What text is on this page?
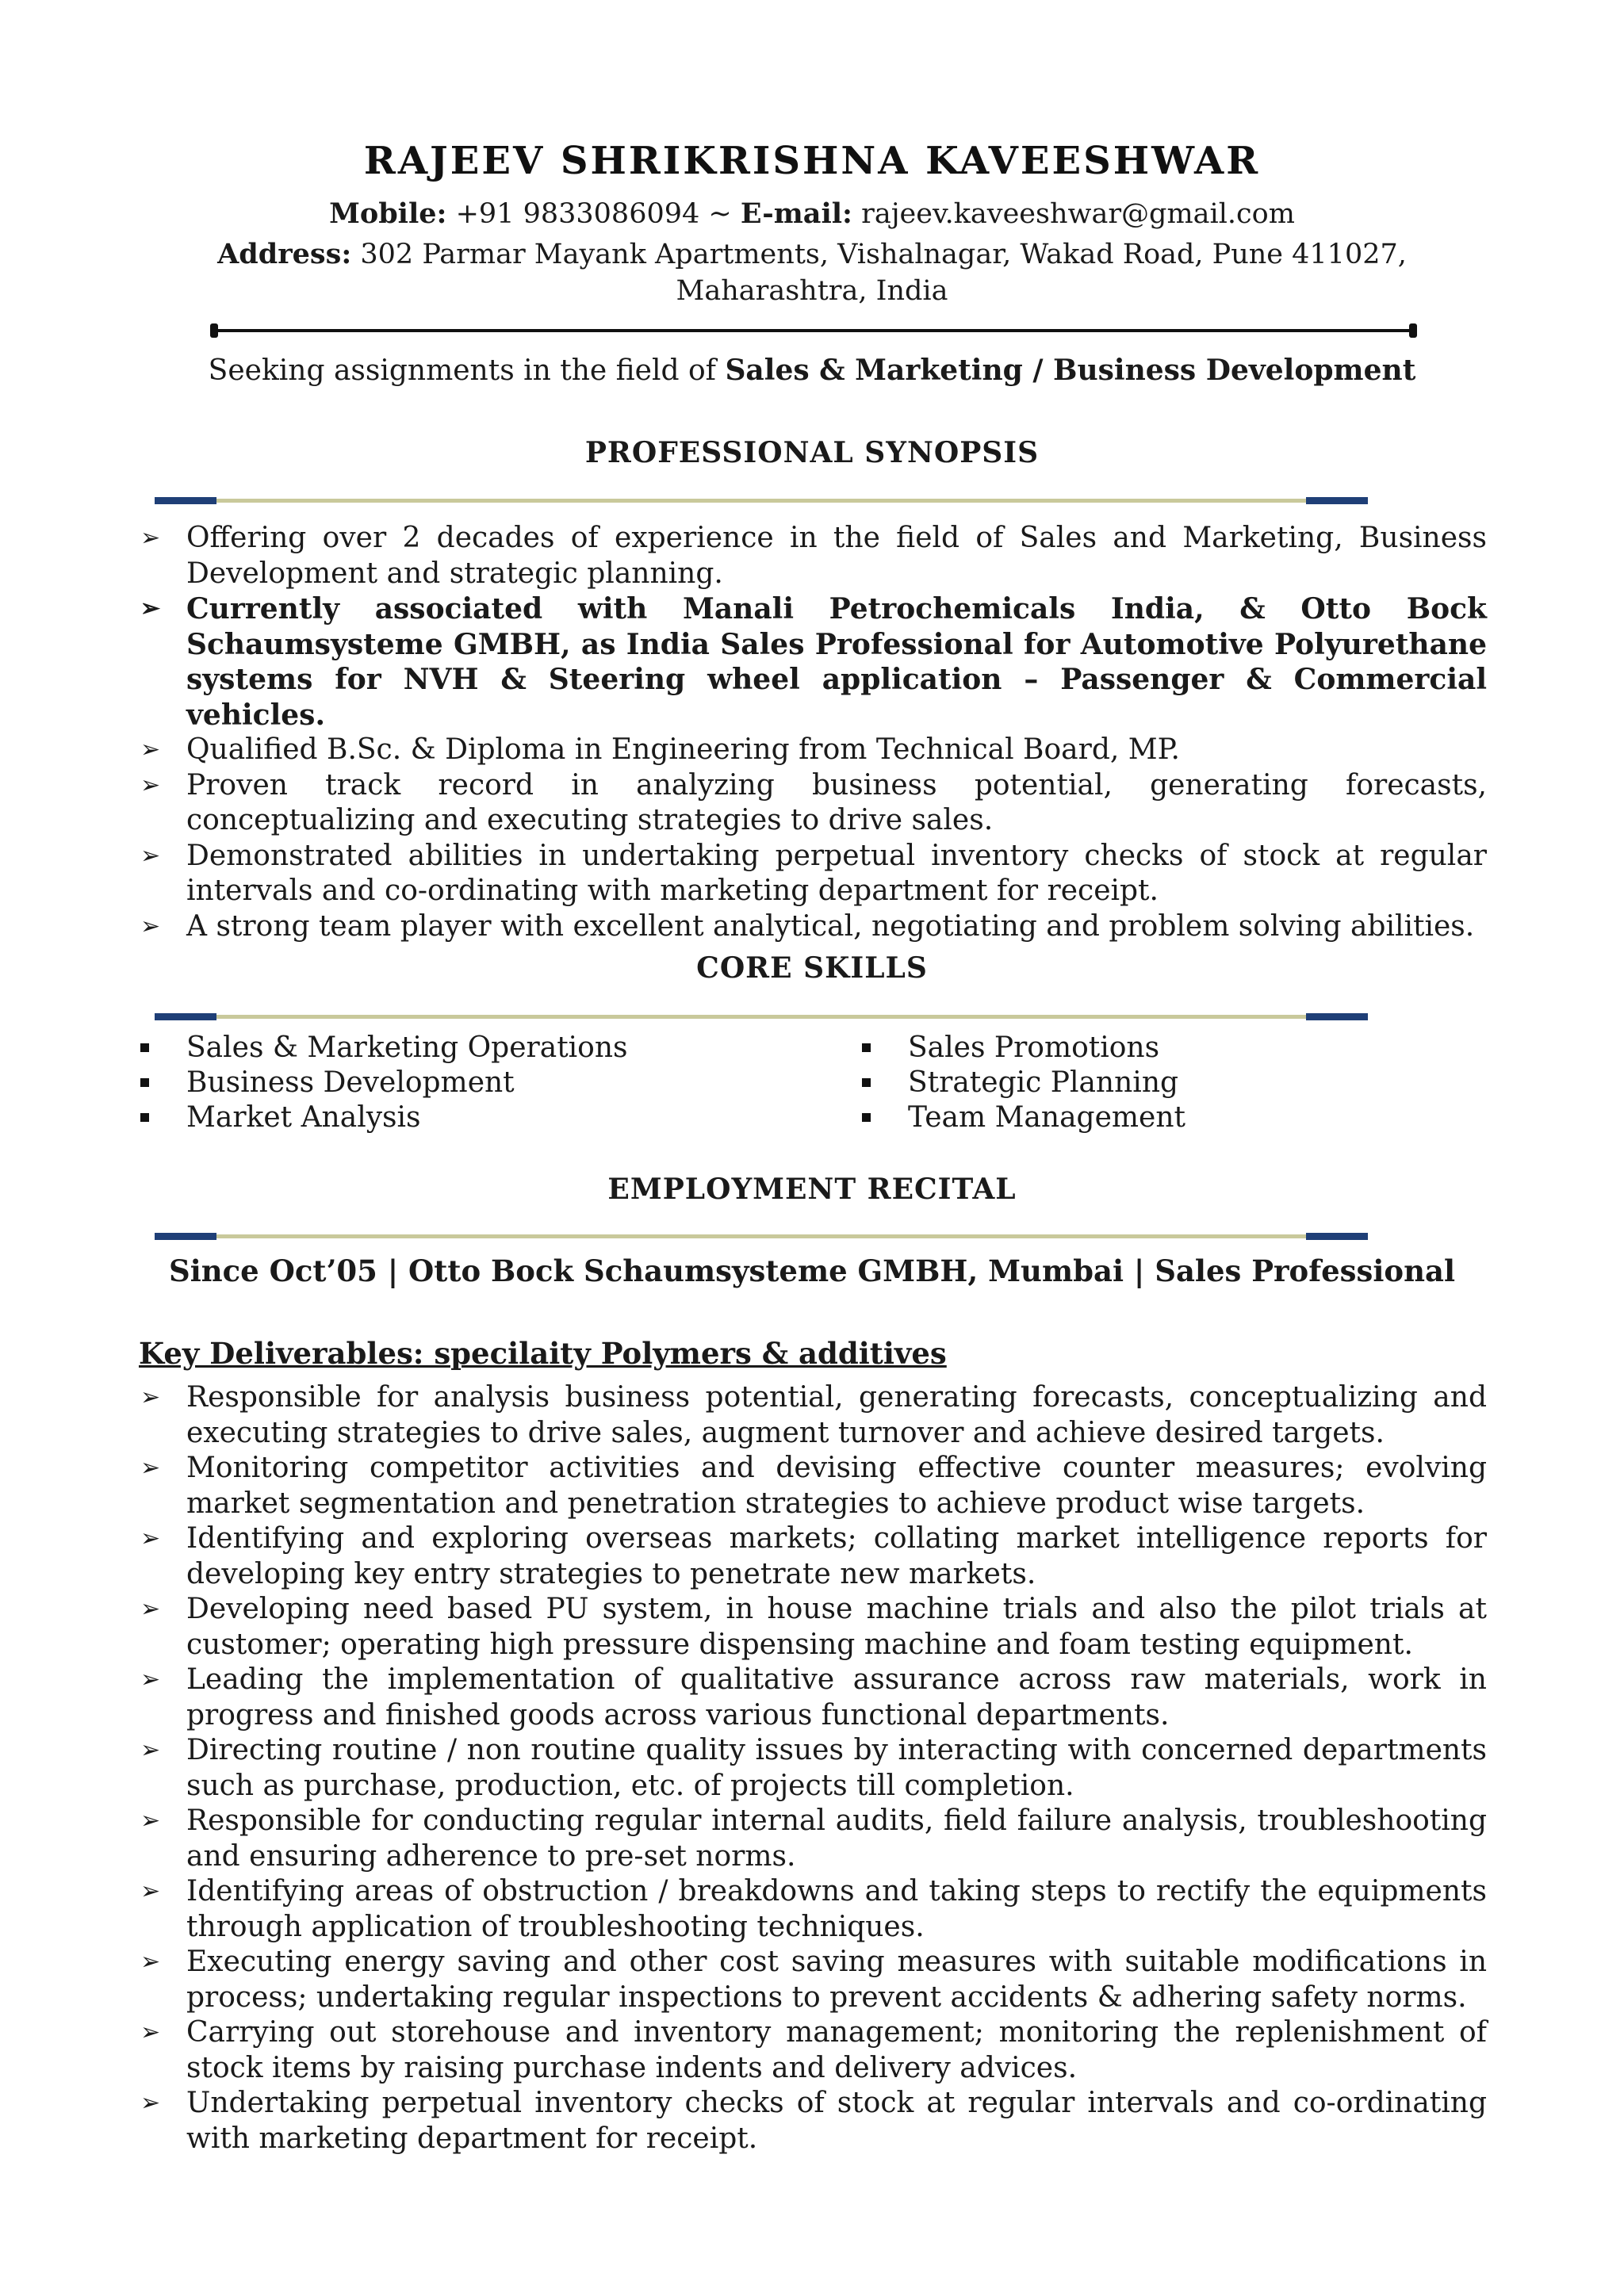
RAJEEV SHRIKRISHNA KAVEESHWAR
Mobile: +91 9833086094 ~ E-mail: rajeev.kaveeshwar@gmail.com
Address: 302 Parmar Mayank Apartments, Vishalnagar, Wakad Road, Pune 411027,
Maharashtra, India
Seeking assignments in the field of Sales & Marketing / Business Development
PROFESSIONAL SYNOPSIS
➢ Offering over 2 decades of experience in the field of Sales and Marketing, Business Development and strategic planning.
➢ Currently associated with Manali Petrochemicals India, & Otto Bock Schaumsysteme GMBH, as India Sales Professional for Automotive Polyurethane systems for NVH & Steering wheel application – Passenger & Commercial vehicles.
➢ Qualified B.Sc. & Diploma in Engineering from Technical Board, MP.
➢ Proven track record in analyzing business potential, generating forecasts, conceptualizing and executing strategies to drive sales.
➢ Demonstrated abilities in undertaking perpetual inventory checks of stock at regular intervals and co-ordinating with marketing department for receipt.
➢ A strong team player with excellent analytical, negotiating and problem solving abilities.
CORE SKILLS
Sales & Marketing Operations
Business Development
Market Analysis
Sales Promotions
Strategic Planning
Team Management
EMPLOYMENT RECITAL
Since Oct’05 | Otto Bock Schaumsysteme GMBH, Mumbai | Sales Professional
Key Deliverables: specilaity Polymers & additives
➢ Responsible for analysis business potential, generating forecasts, conceptualizing and executing strategies to drive sales, augment turnover and achieve desired targets.
➢ Monitoring competitor activities and devising effective counter measures; evolving market segmentation and penetration strategies to achieve product wise targets.
➢ Identifying and exploring overseas markets; collating market intelligence reports for developing key entry strategies to penetrate new markets.
➢ Developing need based PU system, in house machine trials and also the pilot trials at customer; operating high pressure dispensing machine and foam testing equipment.
➢ Leading the implementation of qualitative assurance across raw materials, work in progress and finished goods across various functional departments.
➢ Directing routine / non routine quality issues by interacting with concerned departments such as purchase, production, etc. of projects till completion.
➢ Responsible for conducting regular internal audits, field failure analysis, troubleshooting and ensuring adherence to pre-set norms.
➢ Identifying areas of obstruction / breakdowns and taking steps to rectify the equipments through application of troubleshooting techniques.
➢ Executing energy saving and other cost saving measures with suitable modifications in process; undertaking regular inspections to prevent accidents & adhering safety norms.
➢ Carrying out storehouse and inventory management; monitoring the replenishment of stock items by raising purchase indents and delivery advices.
➢ Undertaking perpetual inventory checks of stock at regular intervals and co-ordinating with marketing department for receipt.
